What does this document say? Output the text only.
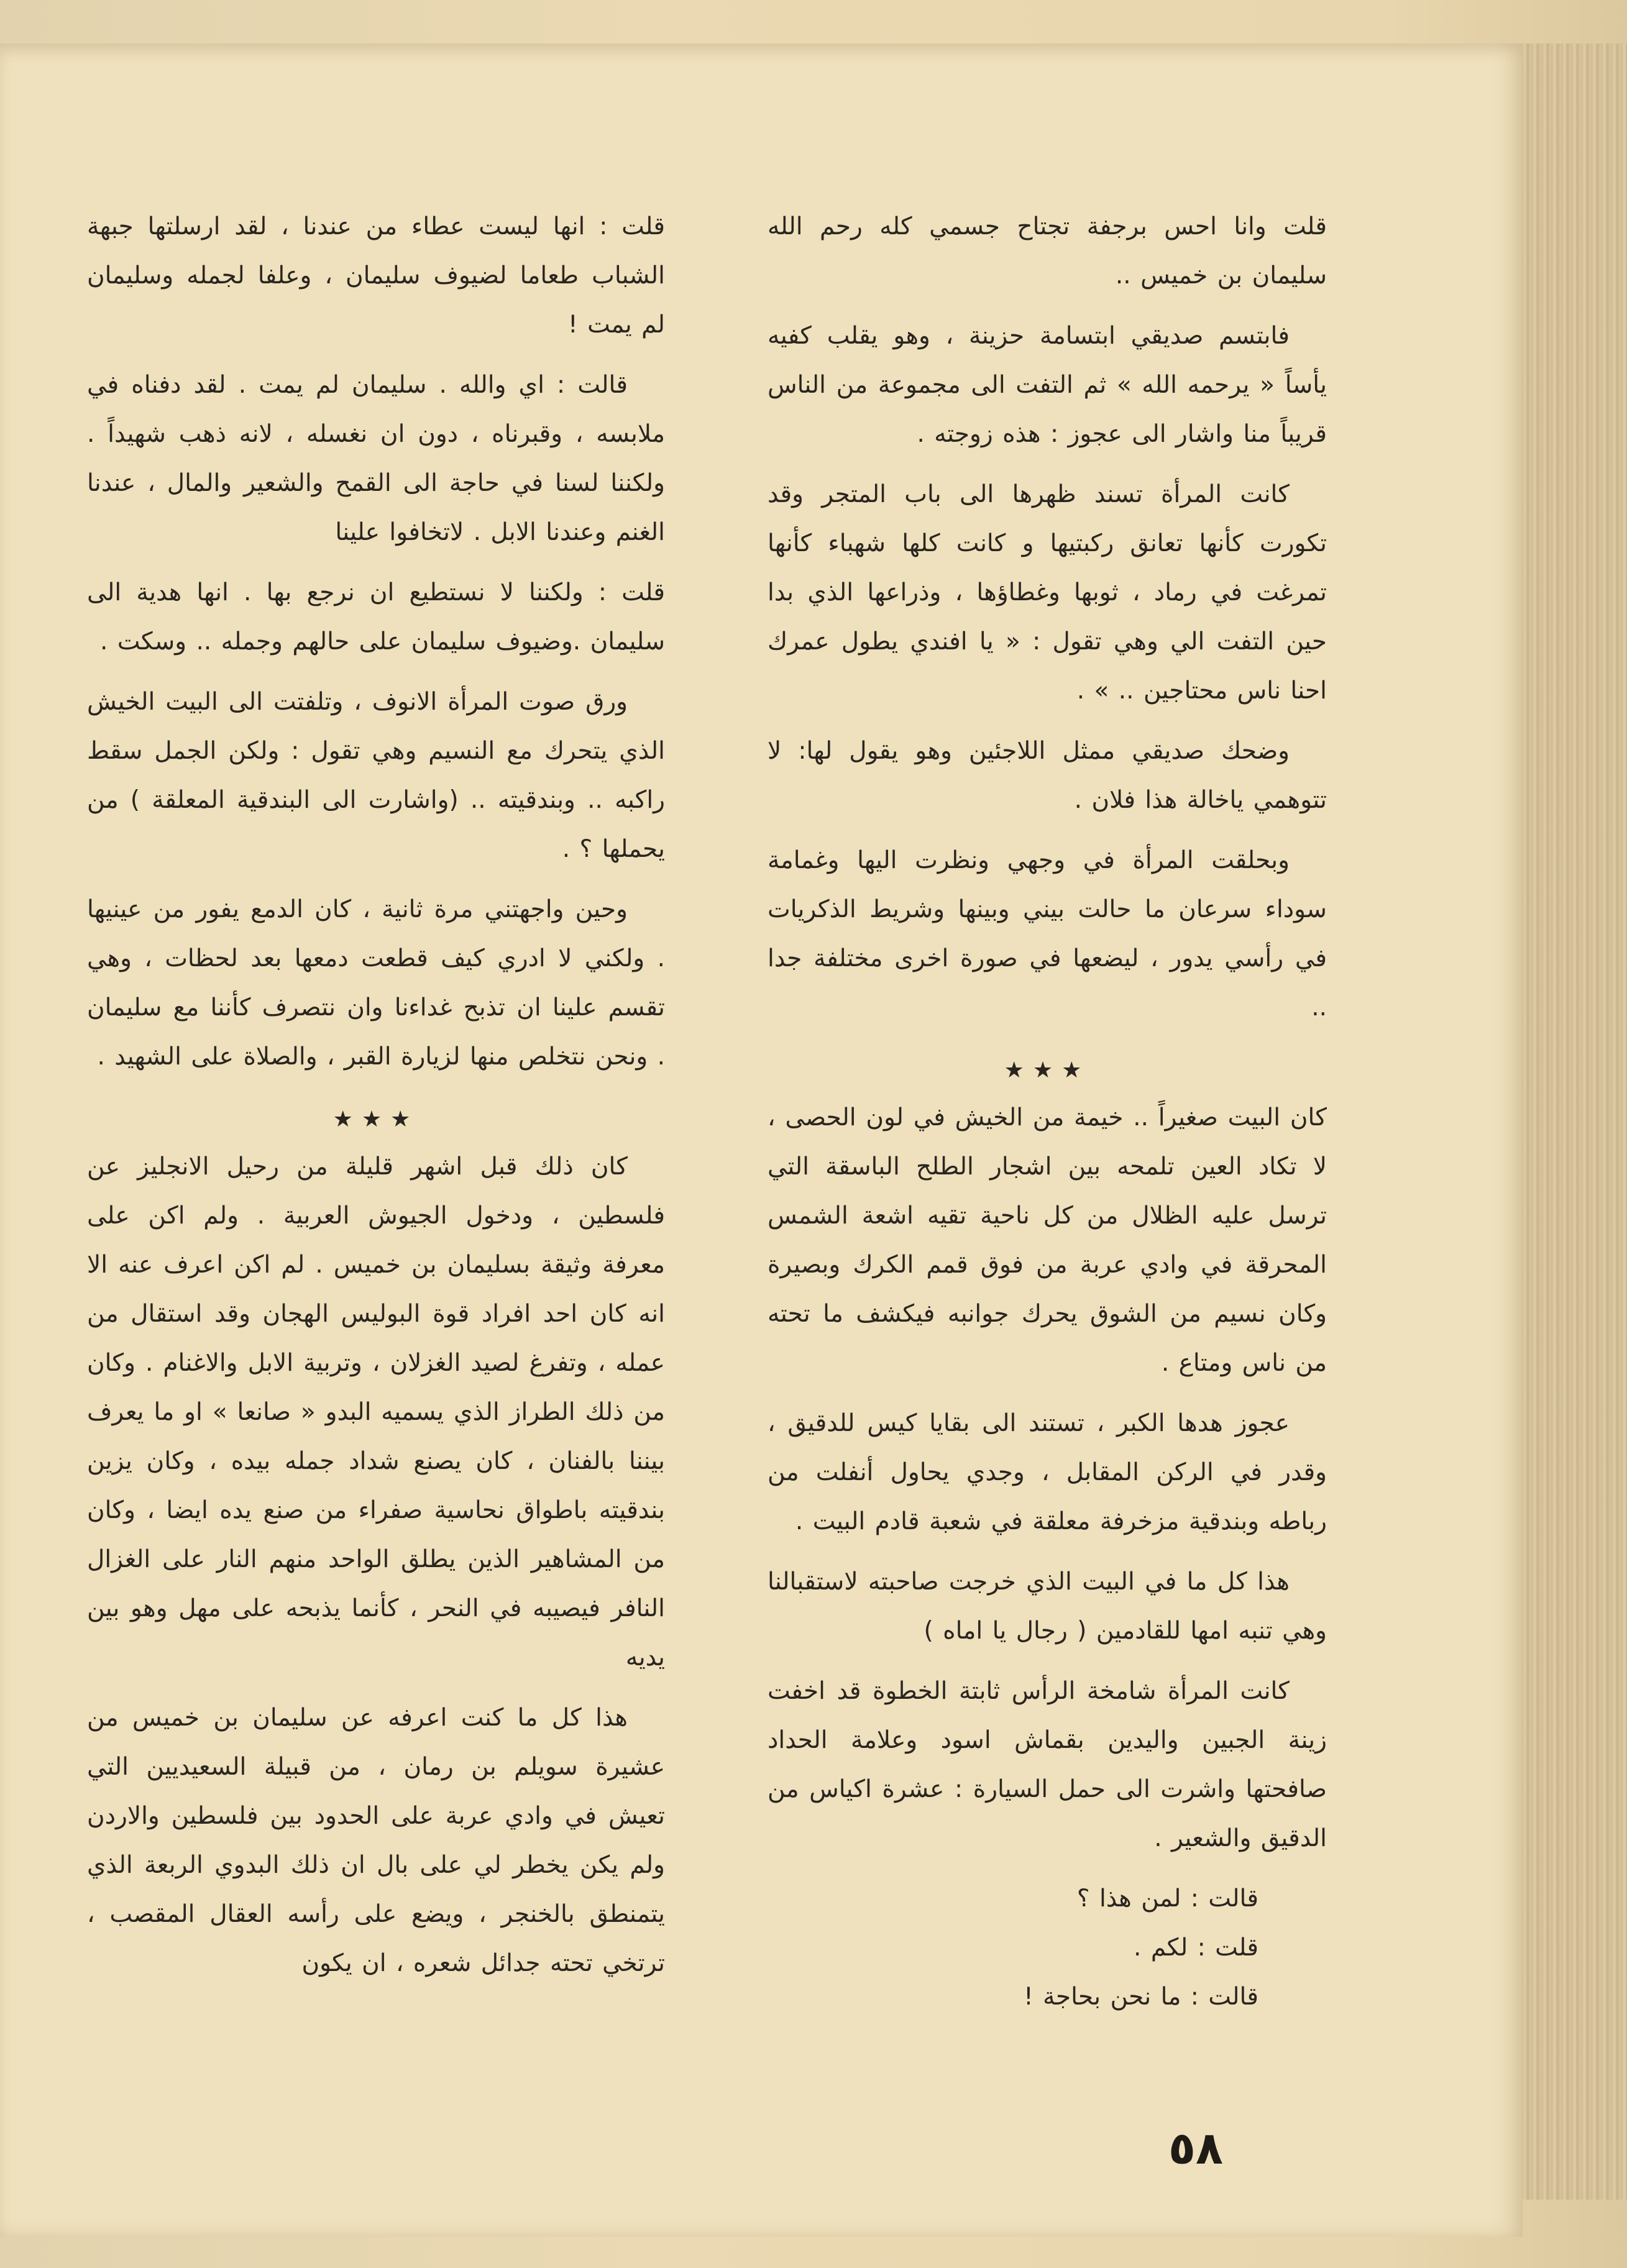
قلت وانا احس برجفة تجتاح جسمي كله رحم الله سليمان بن خميس ..

فابتسم صديقي ابتسامة حزينة ، وهو يقلب كفيه يأساً « يرحمه الله » ثم التفت الى مجموعة من الناس قريباً منا واشار الى عجوز : هذه زوجته .

كانت المرأة تسند ظهرها الى باب المتجر وقد تكورت كأنها تعانق ركبتيها و كانت كلها شهباء كأنها تمرغت في رماد ، ثوبها وغطاؤها ، وذراعها الذي بدا حين التفت الي وهي تقول : « يا افندي يطول عمرك احنا ناس محتاجين .. » .

وضحك صديقي ممثل اللاجئين وهو يقول لها: لا تتوهمي ياخالة هذا فلان .

وبحلقت المرأة في وجهي ونظرت اليها وغمامة سوداء سرعان ما حالت بيني وبينها وشريط الذكريات في رأسي يدور ، ليضعها في صورة اخرى مختلفة جدا ..

★★★

كان البيت صغيراً .. خيمة من الخيش في لون الحصى ، لا تكاد العين تلمحه بين اشجار الطلح الباسقة التي ترسل عليه الظلال من كل ناحية تقيه اشعة الشمس المحرقة في وادي عربة من فوق قمم الكرك وبصيرة وكان نسيم من الشوق يحرك جوانبه فيكشف ما تحته من ناس ومتاع .

عجوز هدها الكبر ، تستند الى بقايا كيس للدقيق ، وقدر في الركن المقابل ، وجدي يحاول أنفلت من رباطه وبندقية مزخرفة معلقة في شعبة قادم البيت .

هذا كل ما في البيت الذي خرجت صاحبته لاستقبالنا وهي تنبه امها للقادمين ( رجال يا اماه )

كانت المرأة شامخة الرأس ثابتة الخطوة قد اخفت زينة الجبين واليدين بقماش اسود وعلامة الحداد صافحتها واشرت الى حمل السيارة : عشرة اكياس من الدقيق والشعير .

قالت : لمن هذا ؟

قلت : لكم .

قالت : ما نحن بحاجة !

قلت : انها ليست عطاء من عندنا ، لقد ارسلتها جبهة الشباب طعاما لضيوف سليمان ، وعلفا لجمله وسليمان لم يمت !

قالت : اي والله . سليمان لم يمت . لقد دفناه في ملابسه ، وقبرناه ، دون ان نغسله ، لانه ذهب شهيداً . ولكننا لسنا في حاجة الى القمح والشعير والمال ، عندنا الغنم وعندنا الابل . لاتخافوا علينا

قلت : ولكننا لا نستطيع ان نرجع بها . انها هدية الى سليمان .وضيوف سليمان على حالهم وجمله .. وسكت .

ورق صوت المرأة الانوف ، وتلفتت الى البيت الخيش الذي يتحرك مع النسيم وهي تقول : ولكن الجمل سقط راكبه .. وبندقيته .. (واشارت الى البندقية المعلقة ) من يحملها ؟ .

وحين واجهتني مرة ثانية ، كان الدمع يفور من عينيها . ولكني لا ادري كيف قطعت دمعها بعد لحظات ، وهي تقسم علينا ان تذبح غداءنا وان نتصرف كأننا مع سليمان . ونحن نتخلص منها لزيارة القبر ، والصلاة على الشهيد .

★★★

كان ذلك قبل اشهر قليلة من رحيل الانجليز عن فلسطين ، ودخول الجيوش العربية . ولم اكن على معرفة وثيقة بسليمان بن خميس . لم اكن اعرف عنه الا انه كان احد افراد قوة البوليس الهجان وقد استقال من عمله ، وتفرغ لصيد الغزلان ، وتربية الابل والاغنام . وكان من ذلك الطراز الذي يسميه البدو « صانعا » او ما يعرف بيننا بالفنان ، كان يصنع شداد جمله بيده ، وكان يزين بندقيته باطواق نحاسية صفراء من صنع يده ايضا ، وكان من المشاهير الذين يطلق الواحد منهم النار على الغزال النافر فيصيبه في النحر ، كأنما يذبحه على مهل وهو بين يديه

هذا كل ما كنت اعرفه عن سليمان بن خميس من عشيرة سويلم بن رمان ، من قبيلة السعيديين التي تعيش في وادي عربة على الحدود بين فلسطين والاردن ولم يكن يخطر لي على بال ان ذلك البدوي الربعة الذي يتمنطق بالخنجر ، ويضع على رأسه العقال المقصب ، ترتخي تحته جدائل شعره ، ان يكون

٥٨
